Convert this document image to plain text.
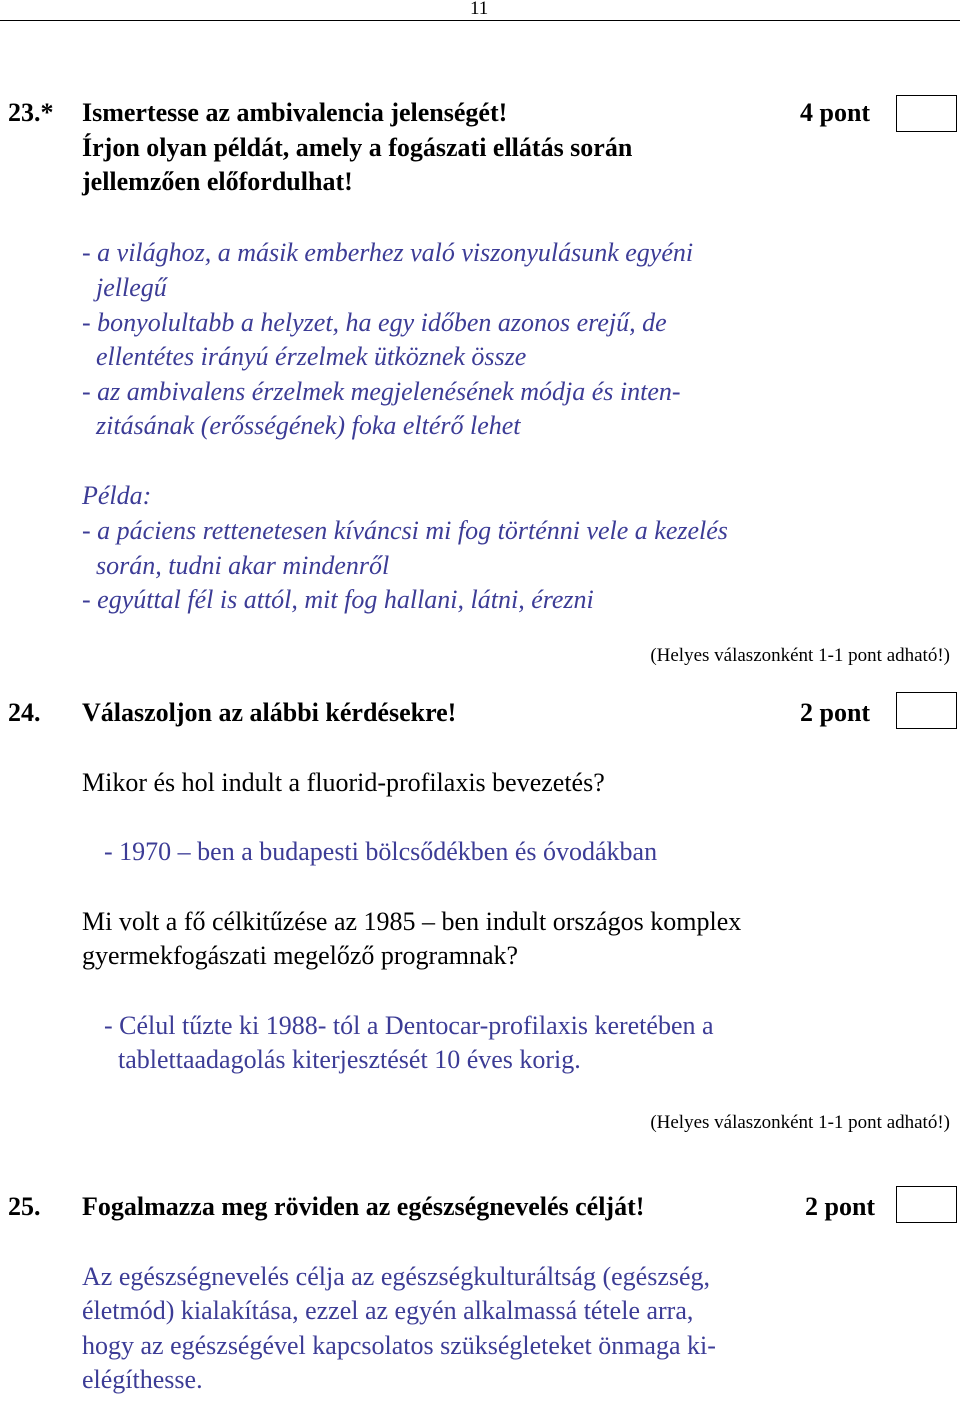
11
23.* Ismertesse az ambivalencia jelenségét!	4 pont
Írjon olyan példát, amely a fogászati ellátás során
jellemzően előfordulhat!
- a világhoz, a másik emberhez való viszonyulásunk egyéni
jellegű
- bonyolultabb a helyzet, ha egy időben azonos erejű, de
ellentétes irányú érzelmek ütköznek össze
- az ambivalens érzelmek megjelenésének módja és inten-
zitásának (erősségének) foka eltérő lehet
Példa:
- a páciens rettenetesen kíváncsi mi fog történni vele a kezelés
során, tudni akar mindenről
- egyúttal fél is attól, mit fog hallani, látni, érezni
(Helyes válaszonként 1-1 pont adható!)
24. Válaszoljon az alábbi kérdésekre!	2 pont
Mikor és hol indult a fluorid-profilaxis bevezetés?
- 1970 – ben a budapesti bölcsődékben és óvodákban
Mi volt a fő célkitűzése az 1985 – ben indult országos komplex
gyermekfogászati megelőző programnak?
- Célul tűzte ki 1988- tól a Dentocar-profilaxis keretében a
tablettaadagolás kiterjesztését 10 éves korig.
(Helyes válaszonként 1-1 pont adható!)
25. Fogalmazza meg röviden az egészségnevelés célját!	2 pont
Az egészségnevelés célja az egészségkulturáltság (egészség,
életmód) kialakítása, ezzel az egyén alkalmassá tétele arra,
hogy az egészségével kapcsolatos szükségleteket önmaga ki-
elégíthesse.
